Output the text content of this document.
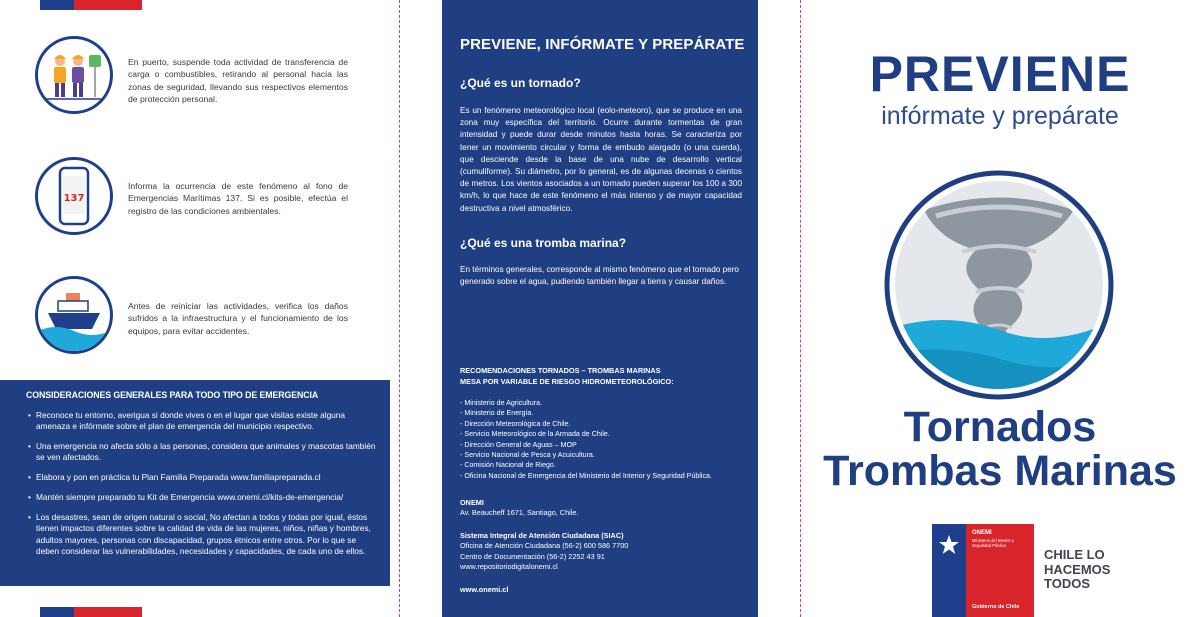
En puerto, suspende toda actividad de transferencia de carga o combustibles, retirando al personal hacia las zonas de seguridad, llevando sus respectivos elementos de protección personal.

137

Informa la ocurrencia de este fenómeno al fono de Emergencias Marítimas 137. Si es posible, efectúa el registro de las condiciones ambientales.

Antes de reiniciar las actividades, verifica los daños sufridos a la infraestructura y el funcionamiento de los equipos, para evitar accidentes.

CONSIDERACIONES GENERALES PARA TODO TIPO DE EMERGENCIA
• Reconoce tu entorno, averigua si donde vives o en el lugar que visitas existe alguna amenaza e infórmate sobre el plan de emergencia del municipio respectivo.
• Una emergencia no afecta sólo a las personas, considera que animales y mascotas también se ven afectados.
• Elabora y pon en práctica tu Plan Familia Preparada www.familiapreparada.cl
• Mantén siempre preparado tu Kit de Emergencia www.onemi.cl/kits-de-emergencia/
• Los desastres, sean de origen natural o social, No afectan a todos y todas por igual, éstos tienen impactos diferentes sobre la calidad de vida de las mujeres, niños, niñas y hombres, adultos mayores, personas con discapacidad, grupos étnicos entre otros. Por lo que se deben considerar las vulnerabilidades, necesidades y capacidades, de cada uno de ellos.
PREVIENE, INFÓRMATE Y PREPÁRATE
¿Qué es un tornado?

Es un fenómeno meteorológico local (eolo-meteoro), que se produce en una zona muy específica del territorio. Ocurre durante tormentas de gran intensidad y puede durar desde minutos hasta horas. Se caracteriza por tener un movimiento circular y forma de embudo alargado (o una cuerda), que desciende desde la base de una nube de desarrollo vertical (cumuliforme). Su diámetro, por lo general, es de algunas decenas o cientos de metros. Los vientos asociados a un tornado pueden superar los 100 a 300 km/h, lo que hace de este fenómeno el más intenso y de mayor capacidad destructiva a nivel atmosférico.

¿Qué es una tromba marina?

En términos generales, corresponde al mismo fenómeno que el tornado pero generado sobre el agua, pudiendo también llegar a tierra y causar daños.

RECOMENDACIONES TORNADOS – TROMBAS MARINAS
MESA POR VARIABLE DE RIESGO HIDROMETEOROLÓGICO:
- Ministerio de Agricultura.
- Ministerio de Energía.
- Dirección Meteorológica de Chile.
- Servicio Meteorológico de la Armada de Chile.
- Dirección General de Aguas – MOP
- Servicio Nacional de Pesca y Acuicultura.
- Comisión Nacional de Riego.
- Oficina Nacional de Emergencia del Ministerio del Interior y Seguridad Pública.
ONEMI
Av. Beaucheff 1671, Santiago, Chile.
Sistema Integral de Atención Ciudadana (SIAC)
Oficina de Atención Ciudadana (56-2) 600 586 7700
Centro de Documentación (56-2) 2252 43 91
www.repositoriodigitalonemi.cl
www.onemi.cl
PREVIENE
infórmate y prepárate
Tornados
Trombas Marinas
ONEMI
Ministerio del Interior y Seguridad Pública
Gobierno de Chile
CHILE LO
HACEMOS
TODOS
